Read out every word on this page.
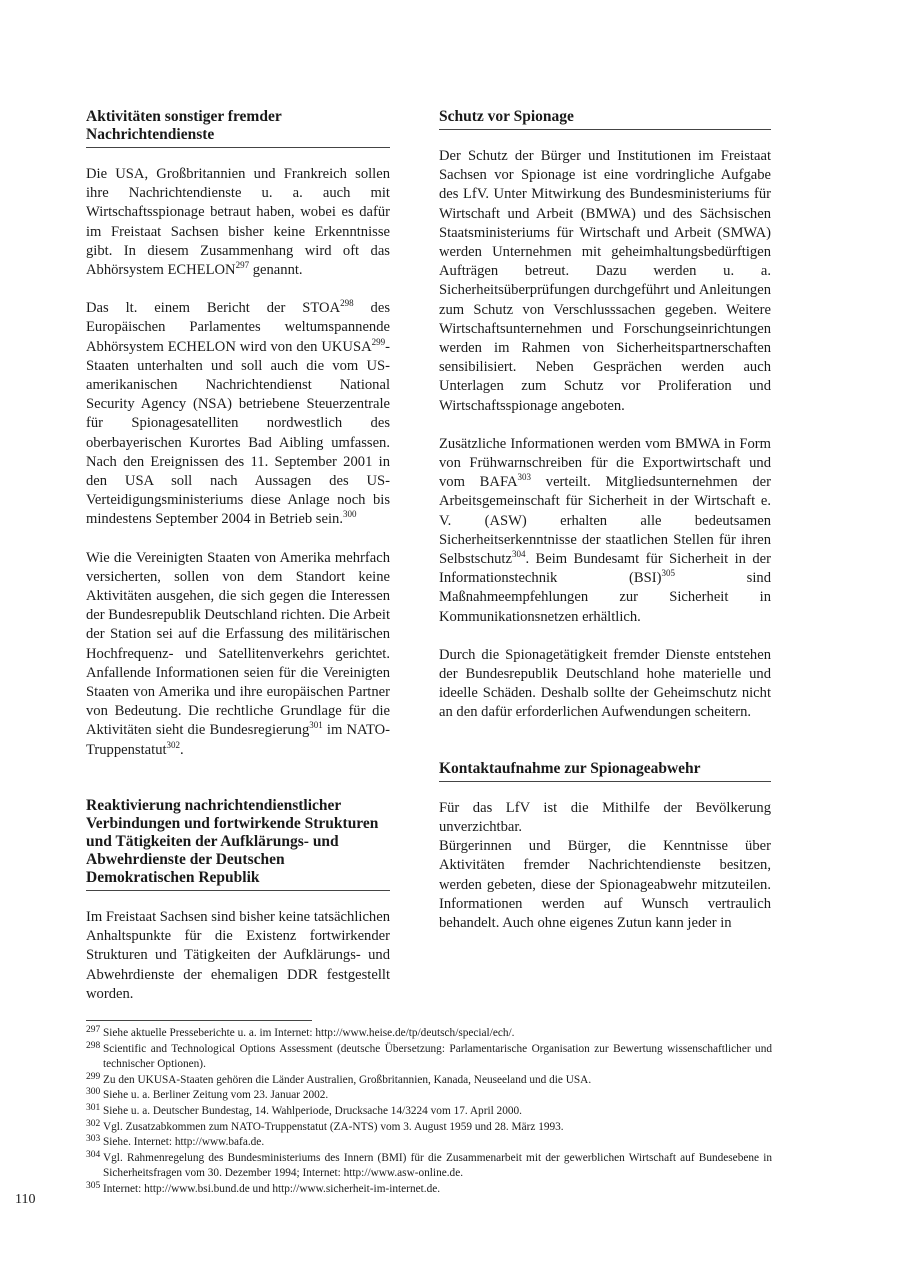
Aktivitäten sonstiger fremder Nachrichtendienste

Die USA, Großbritannien und Frankreich sollen ihre Nachrichtendienste u. a. auch mit Wirtschaftsspionage betraut haben, wobei es dafür im Freistaat Sachsen bisher keine Erkenntnisse gibt. In diesem Zusammenhang wird oft das Abhörsystem ECHELON$^{297}$ genannt.

Das lt. einem Bericht der STOA$^{298}$ des Europäischen Parlamentes weltumspannende Abhörsystem ECHELON wird von den UKUSA$^{299}$-Staaten unterhalten und soll auch die vom US-amerikanischen Nachrichtendienst National Security Agency (NSA) betriebene Steuerzentrale für Spionagesatelliten nordwestlich des oberbayerischen Kurortes Bad Aibling umfassen. Nach den Ereignissen des 11. September 2001 in den USA soll nach Aussagen des US-Verteidigungsministeriums diese Anlage noch bis mindestens September 2004 in Betrieb sein.$^{300}$

Wie die Vereinigten Staaten von Amerika mehrfach versicherten, sollen von dem Standort keine Aktivitäten ausgehen, die sich gegen die Interessen der Bundesrepublik Deutschland richten. Die Arbeit der Station sei auf die Erfassung des militärischen Hochfrequenz- und Satellitenverkehrs gerichtet. Anfallende Informationen seien für die Vereinigten Staaten von Amerika und ihre europäischen Partner von Bedeutung. Die rechtliche Grundlage für die Aktivitäten sieht die Bundesregierung$^{301}$ im NATO-Truppenstatut$^{302}$.

Reaktivierung nachrichtendienstlicher Verbindungen und fortwirkende Strukturen und Tätigkeiten der Aufklärungs- und Abwehrdienste der Deutschen Demokratischen Republik

Im Freistaat Sachsen sind bisher keine tatsächlichen Anhaltspunkte für die Existenz fortwirkender Strukturen und Tätigkeiten der Aufklärungs- und Abwehrdienste der ehemaligen DDR festgestellt worden.

Schutz vor Spionage

Der Schutz der Bürger und Institutionen im Freistaat Sachsen vor Spionage ist eine vordringliche Aufgabe des LfV. Unter Mitwirkung des Bundesministeriums für Wirtschaft und Arbeit (BMWA) und des Sächsischen Staatsministeriums für Wirtschaft und Arbeit (SMWA) werden Unternehmen mit geheimhaltungsbedürftigen Aufträgen betreut. Dazu werden u. a. Sicherheitsüberprüfungen durchgeführt und Anleitungen zum Schutz von Verschlusssachen gegeben. Weitere Wirtschaftsunternehmen und Forschungseinrichtungen werden im Rahmen von Sicherheitspartnerschaften sensibilisiert. Neben Gesprächen werden auch Unterlagen zum Schutz vor Proliferation und Wirtschaftsspionage angeboten.

Zusätzliche Informationen werden vom BMWA in Form von Frühwarnschreiben für die Exportwirtschaft und vom BAFA$^{303}$ verteilt. Mitgliedsunternehmen der Arbeitsgemeinschaft für Sicherheit in der Wirtschaft e. V. (ASW) erhalten alle bedeutsamen Sicherheitserkenntnisse der staatlichen Stellen für ihren Selbstschutz$^{304}$. Beim Bundesamt für Sicherheit in der Informationstechnik (BSI)$^{305}$ sind Maßnahmeempfehlungen zur Sicherheit in Kommunikationsnetzen erhältlich.

Durch die Spionagetätigkeit fremder Dienste entstehen der Bundesrepublik Deutschland hohe materielle und ideelle Schäden. Deshalb sollte der Geheimschutz nicht an den dafür erforderlichen Aufwendungen scheitern.

Kontaktaufnahme zur Spionageabwehr

Für das LfV ist die Mithilfe der Bevölkerung unverzichtbar.

Bürgerinnen und Bürger, die Kenntnisse über Aktivitäten fremder Nachrichtendienste besitzen, werden gebeten, diese der Spionageabwehr mitzuteilen. Informationen werden auf Wunsch vertraulich behandelt. Auch ohne eigenes Zutun kann jeder in

297 Siehe aktuelle Presseberichte u. a. im Internet: http://www.heise.de/tp/deutsch/special/ech/.
298 Scientific and Technological Options Assessment (deutsche Übersetzung: Parlamentarische Organisation zur Bewertung wissenschaftlicher und technischer Optionen).
299 Zu den UKUSA-Staaten gehören die Länder Australien, Großbritannien, Kanada, Neuseeland und die USA.
300 Siehe u. a. Berliner Zeitung vom 23. Januar 2002.
301 Siehe u. a. Deutscher Bundestag, 14. Wahlperiode, Drucksache 14/3224 vom 17. April 2000.
302 Vgl. Zusatzabkommen zum NATO-Truppenstatut (ZA-NTS) vom 3. August 1959 und 28. März 1993.
303 Siehe. Internet: http://www.bafa.de.
304 Vgl. Rahmenregelung des Bundesministeriums des Innern (BMI) für die Zusammenarbeit mit der gewerblichen Wirtschaft auf Bundesebene in Sicherheitsfragen vom 30. Dezember 1994; Internet: http://www.asw-online.de.
305 Internet: http://www.bsi.bund.de und http://www.sicherheit-im-internet.de.
110
